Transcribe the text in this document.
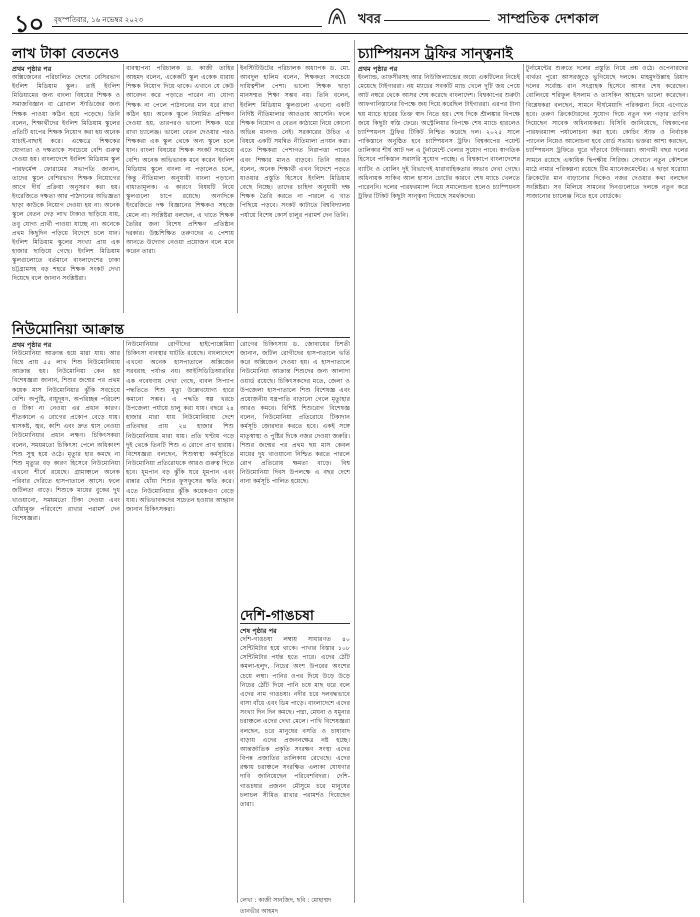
১০ বৃহস্পতিবার, ১৬ নভেম্বর ২০২৩	খবর	সাম্প্রতিক দেশকাল
লাখ টাকা বেতনেও
প্রথম পৃষ্ঠার পর
অক্সিজেনের পরিচালিত দেশের বেসিরভাগ ইংলিশ মিডিয়াম স্কুল। তাই ইংলিশ মিডিয়ামের জন্য বাংলা বিষয়ের শিক্ষক ও সমাজবিজ্ঞান বা গ্লোবাল স্টাডিজের জন্য শিক্ষক পাওয়া কঠিন হয়ে পড়েছে। তিনি বলেন, শিক্ষার্থীদের ইংলিশ মিডিয়াম স্কুলের প্রতিটি ধাপের শিক্ষক নিয়োগ করা হয় অনেক যাচাই-বাছাই করে। এক্ষেত্রে শিক্ষকের যোগ্যতা ও দক্ষতাকে সবচেয়ে বেশি গুরুত্ব দেওয়া হয়। বাংলাদেশে ইংলিশ মিডিয়াম স্কুল পারফর্মেন্স ফোরামের সভাপতি জানান, তাদের স্কুলে বেশিরভাগ শিক্ষক নিয়োগের আগে দীর্ঘ প্রক্রিয়া অনুসরণ করা হয়। ইংরেজিতে দক্ষতা আর পাঠদানের অভিজ্ঞতা ছাড়া কাউকে নিয়োগ দেওয়া হয় না। অনেক স্কুলে বেতন দেড় লাখ টাকাও ছাড়িয়ে যায়, তবু যোগ্য প্রার্থী পাওয়া যাচ্ছে না। অনেকে প্রথম কিছুদিন পড়িয়ে বিদেশে চলে যান। ইংলিশ মিডিয়াম স্কুলের সংখ্যা প্রায় এক হাজার ছাড়িয়ে গেছে। ইংলিশ মিডিয়াম স্কুলগুলোতে বর্তমানে বাংলাদেশের ঢাকা চট্টগ্রামসহ বড় শহরে শিক্ষক সংকট দেখা দিয়েছে বলে জানান সংশ্লিষ্টরা।
ব্যবস্থাপনা পরিচালক ড. কাজী তাহির আহমদ বলেন, একেকটি স্কুল একেক ধারায় শিক্ষক নিয়োগ দিয়ে থাকে। এখানে যে কেউ আবেদন করে পড়াতে পারেন না। যোগ্য শিক্ষক না পেলে পাঠদানের মান ধরে রাখা কঠিন হয়। অনেক স্কুলে নিয়মিত প্রশিক্ষণ দেওয়া হয়, তারপরও ভালো শিক্ষক ধরে রাখা চ্যালেঞ্জ। ভালো বেতন দেওয়ার পরও শিক্ষকরা এক স্কুল থেকে অন্য স্কুলে চলে যান। বাংলা বিষয়ের শিক্ষক সংকট সবচেয়ে বেশি। অনেক অভিভাবক মনে করেন ইংলিশ মিডিয়াম স্কুলে বাংলা না পড়ালেও চলে, কিন্তু নীতিমালা অনুযায়ী বাংলা পড়ানো বাধ্যতামূলক। এ কারণে বিষয়টি নিয়ে স্কুলগুলো চাপে রয়েছে। অন্যদিকে ইংরেজিতে দক্ষ বিজ্ঞানের শিক্ষকও সহজে মেলে না। সংশ্লিষ্টরা বলছেন, এ খাতে শিক্ষক তৈরির জন্য বিশেষ প্রশিক্ষণ প্রতিষ্ঠান দরকার। উচ্চশিক্ষিত তরুণদের এ পেশায় আনতে উদ্যোগ নেওয়া প্রয়োজন বলে মনে করেন তারা।
ইনস্টিটিউটের পরিচালক অধ্যাপক ড. মো. আবদুল হালিম বলেন, শিক্ষকতা সবচেয়ে দায়িত্বশীল পেশা। ভালো শিক্ষক ছাড়া মানসম্মত শিক্ষা সম্ভব নয়। তিনি বলেন, ইংলিশ মিডিয়াম স্কুলগুলো এখনো একটি নির্দিষ্ট নীতিমালার আওতায় আসেনি। ফলে শিক্ষক নিয়োগ ও বেতন কাঠামো নিয়ে কোনো অভিন্ন মানদণ্ড নেই। সরকারের উচিত এ বিষয়ে একটি সমন্বিত নীতিমালা প্রণয়ন করা। এতে শিক্ষকরা পেশাগত নিরাপত্তা পাবেন এবং শিক্ষার মানও বাড়বে। তিনি আরও বলেন, অনেক শিক্ষার্থী এখন বিদেশে পড়তে যাওয়ার প্রস্তুতি হিসেবে ইংলিশ মিডিয়াম বেছে নিচ্ছে। তাদের চাহিদা অনুযায়ী দক্ষ শিক্ষক তৈরি করতে না পারলে এ খাত পিছিয়ে পড়বে। সংকট কাটাতে বিশ্ববিদ্যালয় পর্যায়ে বিশেষ কোর্স চালুর পরামর্শ দেন তিনি।
নিউমোনিয়া আক্রান্ত
প্রথম পৃষ্ঠার পর
নিউমোনিয়া আক্রান্ত হয়ে মারা যায়। আর বিশ্বে প্রায় ৫৫ লাখ শিশু নিউমোনিয়ায় আক্রান্ত হয়। নিউমোনিয়া কেন হয় বিশেষজ্ঞরা জানান, শিশুর জন্মের পর প্রথম কয়েক মাস নিউমোনিয়ার ঝুঁকি সবচেয়ে বেশি। অপুষ্টি, বায়ুদূষণ, অপরিচ্ছন্ন পরিবেশ ও টিকা না নেওয়া এর প্রধান কারণ। শীতকালে এ রোগের প্রকোপ বেড়ে যায়। শ্বাসকষ্ট, জ্বর, কাশি এবং দ্রুত শ্বাস নেওয়া নিউমোনিয়ার প্রধান লক্ষণ। চিকিৎসকরা বলেন, সময়মতো চিকিৎসা পেলে অধিকাংশ শিশু সুস্থ হয়ে ওঠে। মৃত্যুর হার কমছে না শিশু মৃত্যুর বড় কারণ হিসেবে নিউমোনিয়া এখনো শীর্ষে রয়েছে। গ্রামাঞ্চলে অনেক পরিবার দেরিতে হাসপাতালে আসে। ফলে জটিলতা বাড়ে। শিশুকে মায়ের বুকের দুধ খাওয়ানো, সময়মতো টিকা দেওয়া এবং ধোঁয়ামুক্ত পরিবেশে রাখার পরামর্শ দেন বিশেষজ্ঞরা।
নিউমোনিয়ার রোগীদের হাইপোক্সেমিয়া চিকিৎসা ব্যবস্থার ঘাটতি রয়েছে। বাংলাদেশে এখনো অনেক হাসপাতালে অক্সিজেন সরবরাহ পর্যাপ্ত নয়। আইসিডিডিআরবির এক গবেষণায় দেখা গেছে, বাবল সিপ্যাপ পদ্ধতিতে শিশু মৃত্যু উল্লেখযোগ্য হারে কমানো সম্ভব। এ পদ্ধতি স্বল্প খরচে উপজেলা পর্যায়ে চালু করা যায়। বছরে ২৪ হাজার মারা যায় নিউমোনিয়ায় দেশে প্রতিবছর প্রায় ২৪ হাজার শিশু নিউমোনিয়ায় মারা যায়। প্রতি ঘণ্টায় গড়ে দুই থেকে তিনটি শিশু এ রোগে প্রাণ হারায়। বিশেষজ্ঞরা বলছেন, শিশুস্বাস্থ্য কর্মসূচিতে নিউমোনিয়া প্রতিরোধকে আরও গুরুত্ব দিতে হবে। ধূমপান বড় ঝুঁকি ঘরে ধূমপান এবং রান্নার ধোঁয়া শিশুর ফুসফুসের ক্ষতি করে। এতে নিউমোনিয়ার ঝুঁকি কয়েকগুণ বেড়ে যায়। অভিভাবকদের সচেতন হওয়ার আহ্বান জানান চিকিৎসকরা।
রোগের চিকিৎসায় ড. জোবায়ের চিশতী জানান, জটিল রোগীদের হাসপাতালে ভর্তি করে অক্সিজেন দেওয়া হয়। এ হাসপাতালে নিউমোনিয়া আক্রান্ত শিশুদের জন্য আলাদা ওয়ার্ড রয়েছে। চিকিৎসকদের মতে, জেলা ও উপজেলা হাসপাতালে শিশু বিশেষজ্ঞ এবং প্রয়োজনীয় যন্ত্রপাতি বাড়ানো গেলে মৃত্যুহার আরও কমবে। বিশিষ্ট শিশুরোগ বিশেষজ্ঞ বলেন, নিউমোনিয়া প্রতিরোধে টিকাদান কর্মসূচি জোরদার করতে হবে। একই সঙ্গে মাতৃস্বাস্থ্য ও পুষ্টির দিকে নজর দেওয়া জরুরি। শিশুর জন্মের পর প্রথম ছয় মাস কেবল মায়ের দুধ খাওয়ানো নিশ্চিত করতে পারলে রোগ প্রতিরোধ ক্ষমতা বাড়ে। বিশ্ব নিউমোনিয়া দিবস উপলক্ষে এ বছর দেশে নানা কর্মসূচি পালিত হয়েছে।
দেশি-গাঙচষা
শেষ পৃষ্ঠার পর
দেশি-গাঙচষা লম্বায় সাধারণত ৪০ সেন্টিমিটার হয়ে থাকে। পাখার বিস্তার ১০৮ সেন্টিমিটার পর্যন্ত হতে পারে। এদের ঠোঁট কমলা-হলুদ, নিচের অংশ উপরের অংশের চেয়ে লম্বা। পানির ওপর দিয়ে উড়ে উড়ে নিচের ঠোঁট দিয়ে পানি চষে মাছ ধরে বলে এদের নাম গাঙচষা। নদীর চরে দলবদ্ধভাবে বাসা বাঁধে এবং ডিম পাড়ে। বাংলাদেশে এদের সংখ্যা দিন দিন কমছে। পদ্মা, মেঘনা ও যমুনার চরাঞ্চলে এদের দেখা মেলে। পাখি বিশেষজ্ঞরা বলছেন, চরে মানুষের বসতি ও চাষাবাদ বাড়ায় এদের প্রজননক্ষেত্র নষ্ট হচ্ছে। আন্তর্জাতিক প্রকৃতি সংরক্ষণ সংস্থা এদের বিপন্ন প্রজাতির তালিকায় রেখেছে। এদের রক্ষায় চরাঞ্চলে সংরক্ষিত এলাকা ঘোষণার দাবি জানিয়েছেন পরিবেশবিদরা। দেশি-গাঙচষার প্রজনন মৌসুমে চরে মানুষের চলাচল সীমিত রাখার পরামর্শও দিয়েছেন তারা।
লেখা : কাজী সানজিদ, ছবি : মোহাম্মদ তানভীর আহমদ
চ্যাম্পিয়নস ট্রফির সান্ত্বনাই
প্রথম পৃষ্ঠার পর
ইংল্যান্ড, তাফসীরসহ আর নিউজিল্যান্ডের অধ্যে একটিলের নিচেই মেয়েছে টাইগাররা। নয় ম্যাচের সবকটি ম্যাচ খেলে দুটি জয় পেয়ে আট নম্বরে থেকে আসর শেষ করেছে বাংলাদেশ। বিশ্বকাপের শুরুটা আফগানিস্তানের বিপক্ষে জয় দিয়ে করেছিল টাইগাররা। এরপর টানা ছয় ম্যাচে হারের তিক্ত স্বাদ নিতে হয়। শেষ দিকে শ্রীলঙ্কার বিপক্ষে জয়ে কিছুটা স্বস্তি ফেরে। অস্ট্রেলিয়ার বিপক্ষে শেষ ম্যাচে হারলেও চ্যাম্পিয়নস ট্রফির টিকিট নিশ্চিত করেছে দল। ২০২৫ সালে পাকিস্তানে অনুষ্ঠিত হবে চ্যাম্পিয়নস ট্রফি। বিশ্বকাপের পয়েন্ট তালিকার শীর্ষ আট দল এ টুর্নামেন্টে খেলার সুযোগ পাবে। স্বাগতিক হিসেবে পাকিস্তান সরাসরি সুযোগ পাচ্ছে। এ বিশ্বকাপে বাংলাদেশের ব্যাটিং ও বোলিং দুই বিভাগেই ধারাবাহিকতার অভাব দেখা গেছে। অধিনায়ক সাকিব আল হাসান চোটের কারণে শেষ ম্যাচে খেলতে পারেননি। দলের পারফরম্যান্স নিয়ে সমালোচনা হলেও চ্যাম্পিয়নস ট্রফির টিকিট কিছুটা সান্ত্বনা দিয়েছে সমর্থকদের।
টুর্নামেন্টের শুরুতে দলের প্রস্তুতি নিয়ে প্রশ্ন ওঠে। ওপেনারদের ব্যর্থতা পুরো আসরজুড়ে ভুগিয়েছে দলকে। মাহমুদউল্লাহ রিয়াদ দলের সর্বোচ্চ রান সংগ্রাহক হিসেবে আসর শেষ করেছেন। বোলিংয়ে শরিফুল ইসলাম ও তাসকিন আহমেদ ভালো করেছেন। বিশ্লেষকরা বলছেন, সামনে দীর্ঘমেয়াদি পরিকল্পনা নিয়ে এগোতে হবে। তরুণ ক্রিকেটারদের সুযোগ দিয়ে নতুন দল গড়ার তাগিদ দিয়েছেন সাবেক অধিনায়করা। বিসিবি জানিয়েছে, বিশ্বকাপের পারফরম্যান্স পর্যালোচনা করা হবে। কোচিং স্টাফ ও নির্বাচক প্যানেল নিয়েও আলোচনা হবে বোর্ড সভায়। ভক্তরা আশা করছেন, চ্যাম্পিয়নস ট্রফিতে ঘুরে দাঁড়াবে টাইগাররা। আগামী বছর দলের সামনে রয়েছে একাধিক দ্বিপক্ষীয় সিরিজ। সেখানে নতুন কৌশলে মাঠে নামার পরিকল্পনা রয়েছে টিম ম্যানেজমেন্টের। এ ছাড়া ঘরোয়া ক্রিকেটের মান বাড়ানোর দিকেও নজর দেওয়ার কথা বলছেন সংশ্লিষ্টরা। সব মিলিয়ে সামনের দিনগুলোতে দলকে নতুন করে সাজানোর চ্যালেঞ্জ নিতে হবে বোর্ডকে।
